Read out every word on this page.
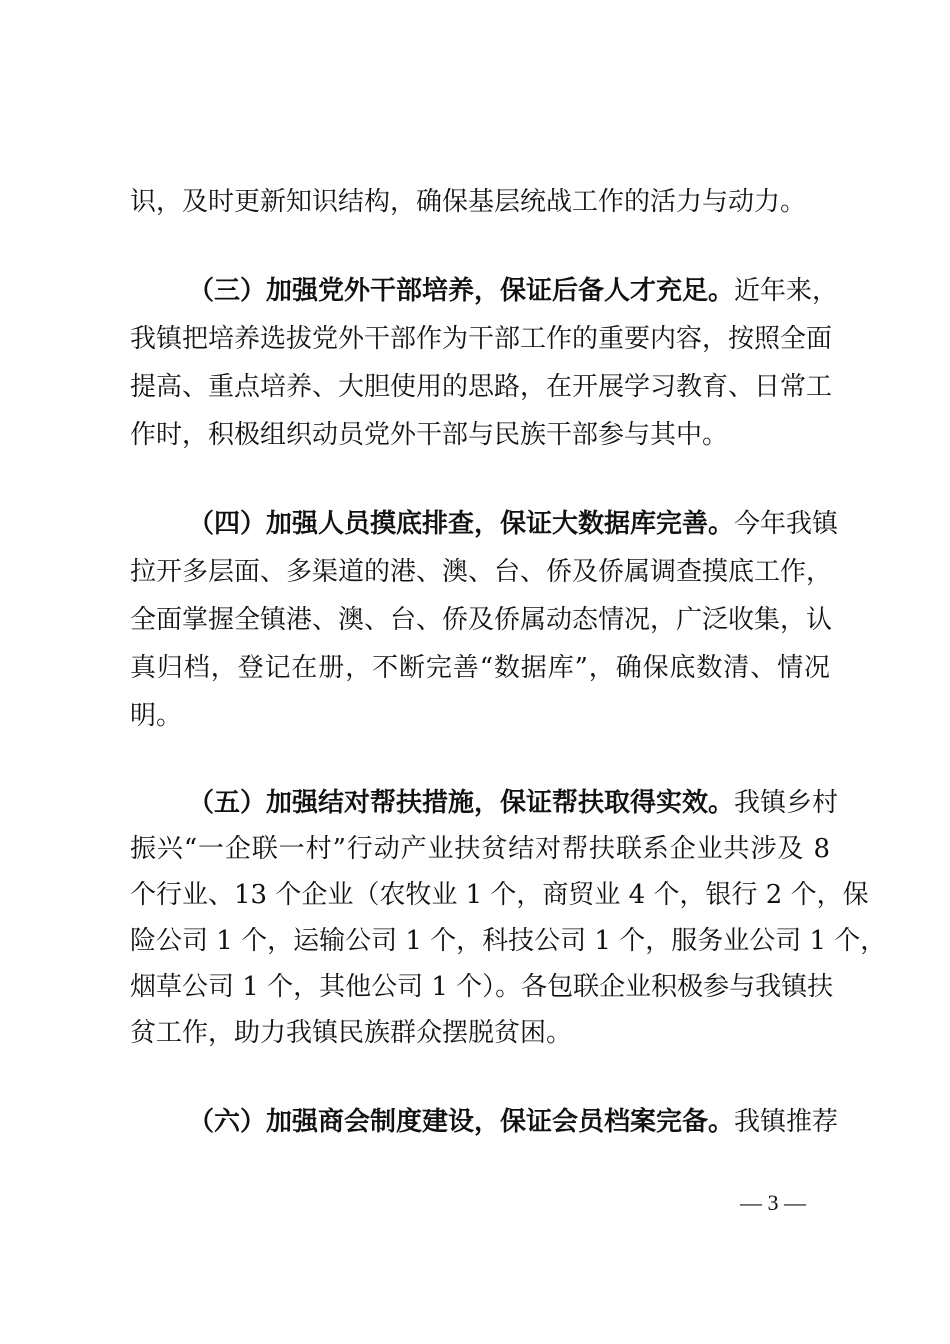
识，及时更新知识结构，确保基层统战工作的活力与动力。
（三）加强党外干部培养，保证后备人才充足。近年来，
我镇把培养选拔党外干部作为干部工作的重要内容，按照全面
提高、重点培养、大胆使用的思路，在开展学习教育、日常工
作时，积极组织动员党外干部与民族干部参与其中。
（四）加强人员摸底排查，保证大数据库完善。今年我镇
拉开多层面、多渠道的港、澳、台、侨及侨属调查摸底工作，
全面掌握全镇港、澳、台、侨及侨属动态情况，广泛收集，认
真归档，登记在册，不断完善“数据库”，确保底数清、情况
明。
（五）加强结对帮扶措施，保证帮扶取得实效。我镇乡村
振兴“一企联一村”行动产业扶贫结对帮扶联系企业共涉及 8
个行业、13 个企业（农牧业 1 个，商贸业 4 个，银行 2 个，保
险公司 1 个，运输公司 1 个，科技公司 1 个，服务业公司 1 个，
烟草公司 1 个，其他公司 1 个）。各包联企业积极参与我镇扶
贫工作，助力我镇民族群众摆脱贫困。
（六）加强商会制度建设，保证会员档案完备。我镇推荐
— 3 —
